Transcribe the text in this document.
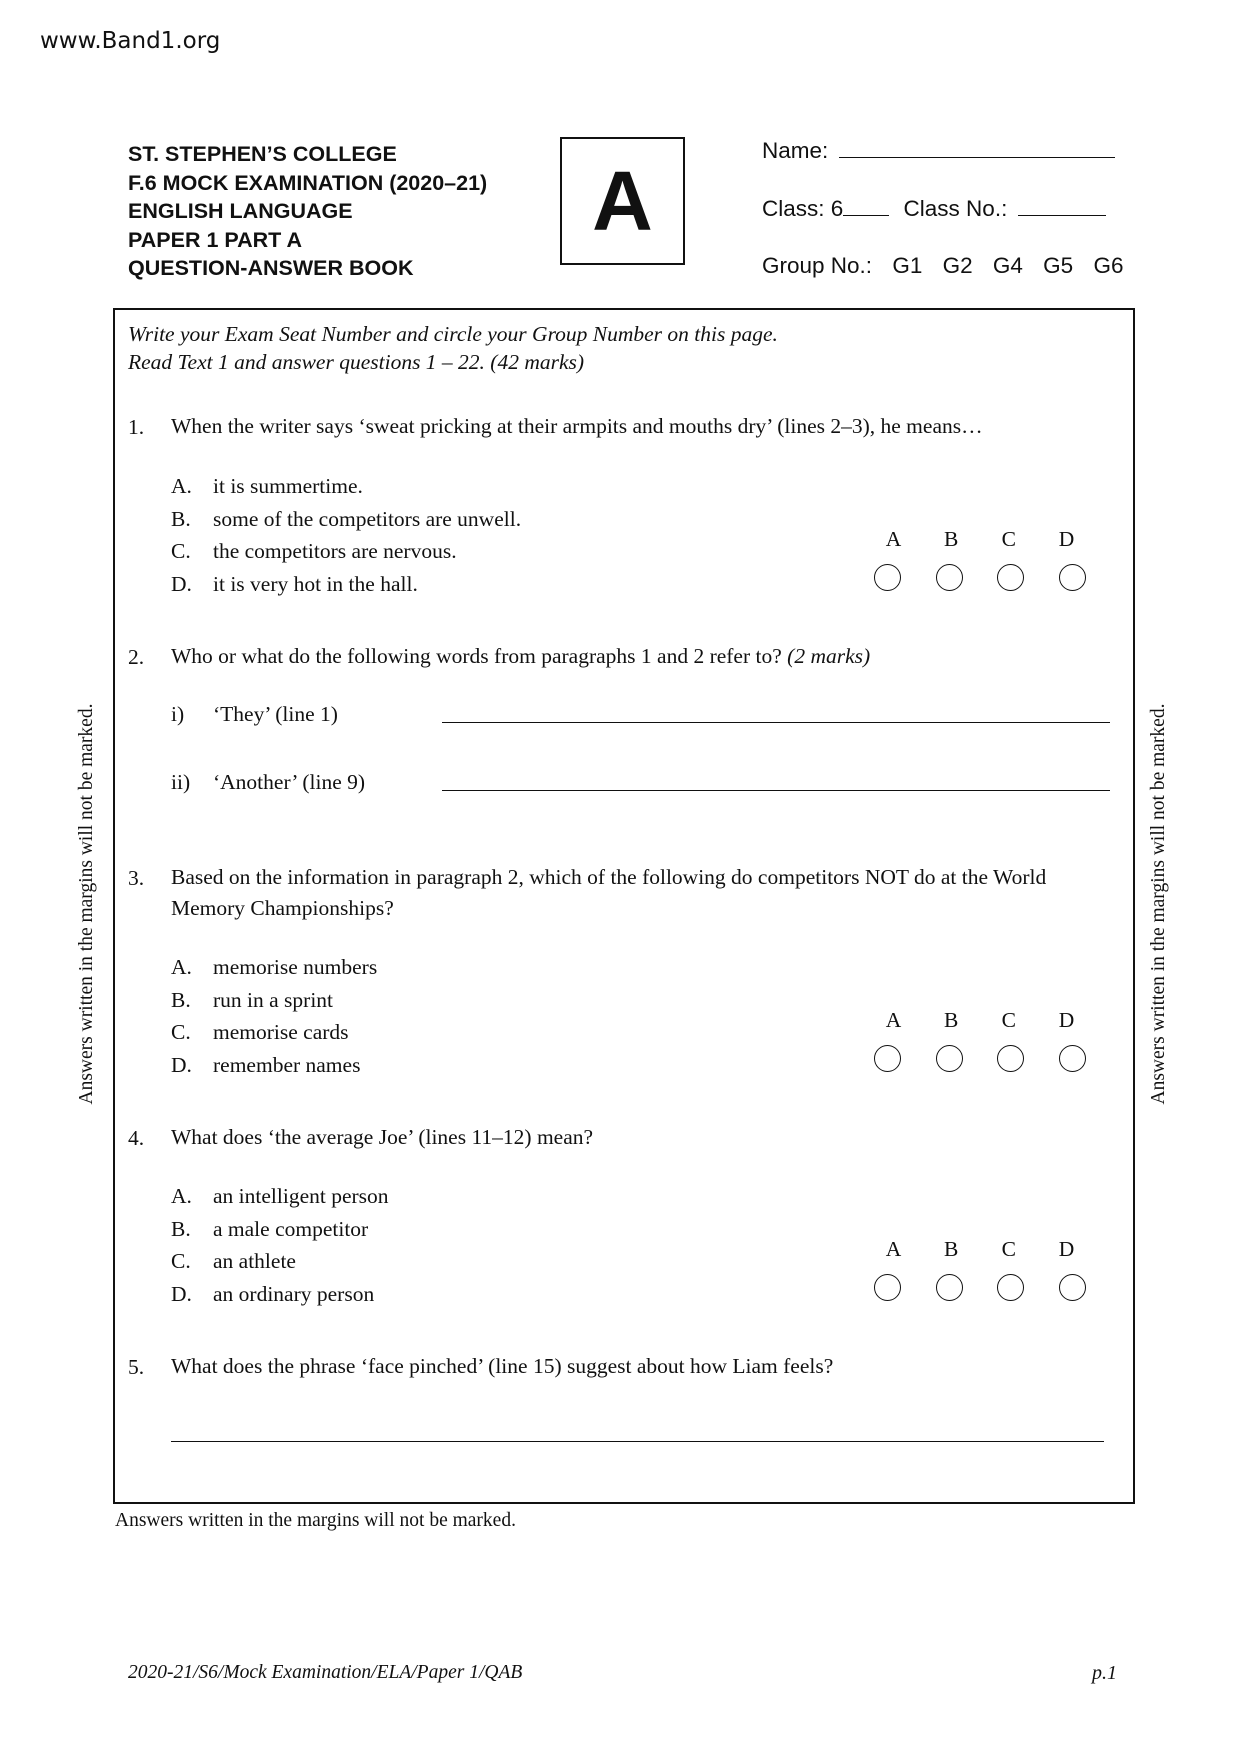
www.Band1.org
ST. STEPHEN’S COLLEGE
F.6 MOCK EXAMINATION (2020–21)
ENGLISH LANGUAGE
PAPER 1 PART A
QUESTION-ANSWER BOOK
A
Name:
Class: 6	Class No.:
Group No.: G1 G2 G4 G5 G6
Write your Exam Seat Number and circle your Group Number on this page.
Read Text 1 and answer questions 1 – 22. (42 marks)
1. When the writer says ‘sweat pricking at their armpits and mouths dry’ (lines 2–3), he means…
A. it is summertime.
B. some of the competitors are unwell.
C. the competitors are nervous.
D. it is very hot in the hall.
A B C D
2. Who or what do the following words from paragraphs 1 and 2 refer to? (2 marks)
i) ‘They’ (line 1)
ii) ‘Another’ (line 9)
3. Based on the information in paragraph 2, which of the following do competitors NOT do at the World
Memory Championships?
A. memorise numbers
B. run in a sprint
C. memorise cards
D. remember names
A B C D
4. What does ‘the average Joe’ (lines 11–12) mean?
A. an intelligent person
B. a male competitor
C. an athlete
D. an ordinary person
A B C D
5. What does the phrase ‘face pinched’ (line 15) suggest about how Liam feels?
Answers written in the margins will not be marked.	Answers written in the margins will not be marked.
Answers written in the margins will not be marked.
2020-21/S6/Mock Examination/ELA/Paper 1/QAB	p.1
